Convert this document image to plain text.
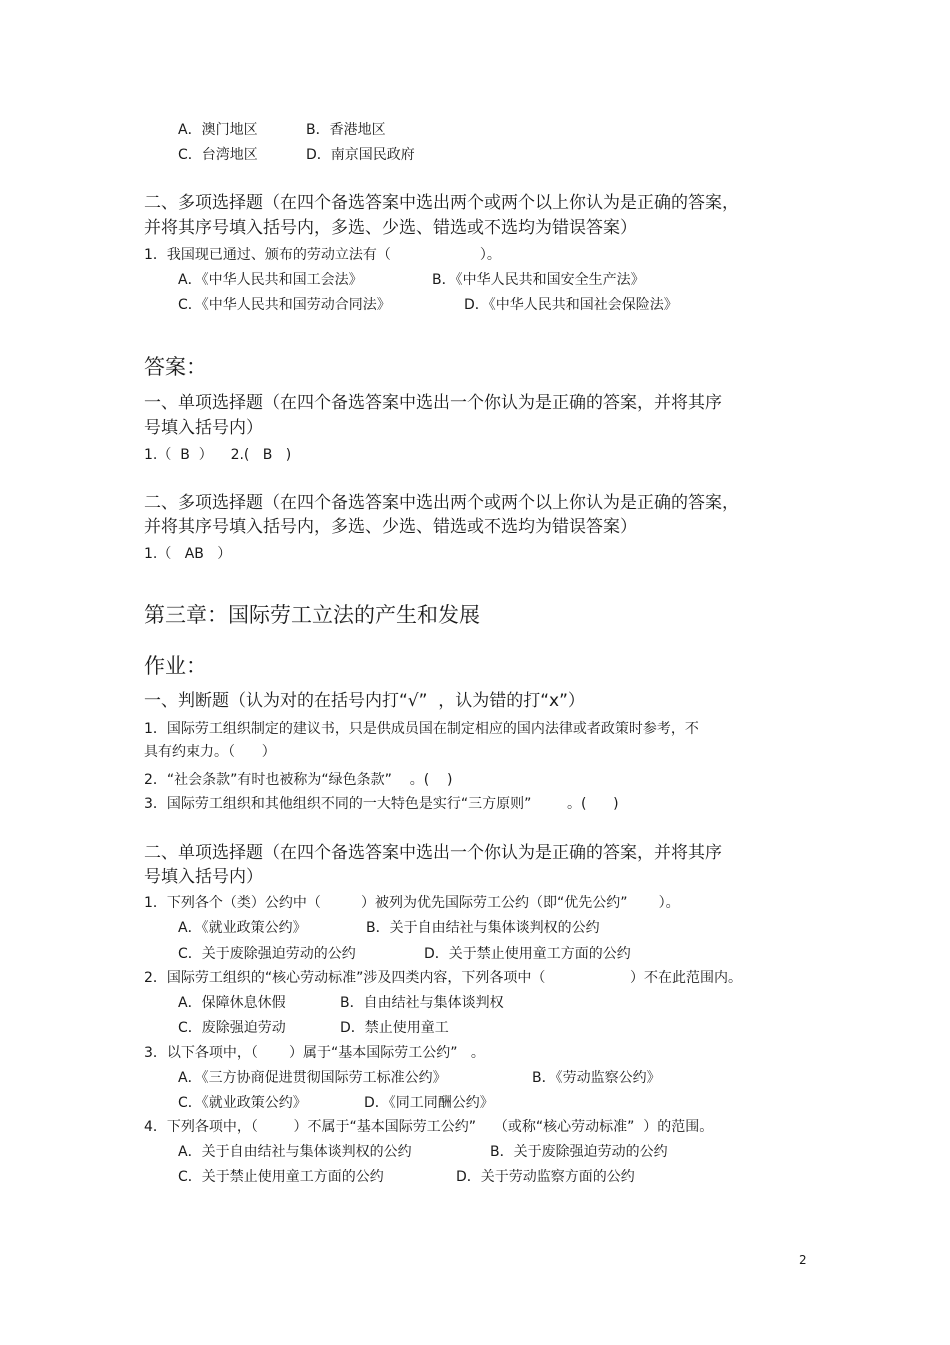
A．澳门地区	B．香港地区
C．台湾地区	D．南京国民政府
二、多项选择题（在四个备选答案中选出两个或两个以上你认为是正确的答案，
并将其序号填入括号内，多选、少选、错选或不选均为错误答案）
1．我国现已通过、颁布的劳动立法有（                    ）。
A．《中华人民共和国工会法》	B．《中华人民共和国安全生产法》
C．《中华人民共和国劳动合同法》	D．《中华人民共和国社会保险法》
答案：
一、单项选择题（在四个备选答案中选出一个你认为是正确的答案，并将其序
号填入括号内）
1.（  B  ）    2.(   B   )
二、多项选择题（在四个备选答案中选出两个或两个以上你认为是正确的答案，
并将其序号填入括号内，多选、少选、错选或不选均为错误答案）
1.（   AB   ）
第三章：国际劳工立法的产生和发展
作业：
一、判断题（认为对的在括号内打“√”  ，认为错的打“x”）
1．国际劳工组织制定的建议书，只是供成员国在制定相应的国内法律或者政策时参考，不
具有约束力。（      ）
2．“社会条款”有时也被称为“绿色条款”    。(    )
3．国际劳工组织和其他组织不同的一大特色是实行“三方原则”        。(      )
二、单项选择题（在四个备选答案中选出一个你认为是正确的答案，并将其序
号填入括号内）
1．下列各个（类）公约中（         ）被列为优先国际劳工公约（即“优先公约”       ）。
A．《就业政策公约》	B．关于自由结社与集体谈判权的公约
C．关于废除强迫劳动的公约	D．关于禁止使用童工方面的公约
2．国际劳工组织的“核心劳动标准”涉及四类内容，下列各项中（                   ）不在此范围内。
A．保障休息休假	B．自由结社与集体谈判权
C．废除强迫劳动	D．禁止使用童工
3．以下各项中，（       ）属于“基本国际劳工公约”   。
A．《三方协商促进贯彻国际劳工标准公约》	B．《劳动监察公约》
C．《就业政策公约》	D．《同工同酬公约》
4．下列各项中，（        ）不属于“基本国际劳工公约”    （或称“核心劳动标准”  ）的范围。
A．关于自由结社与集体谈判权的公约	B．关于废除强迫劳动的公约
C．关于禁止使用童工方面的公约	D．关于劳动监察方面的公约
2
